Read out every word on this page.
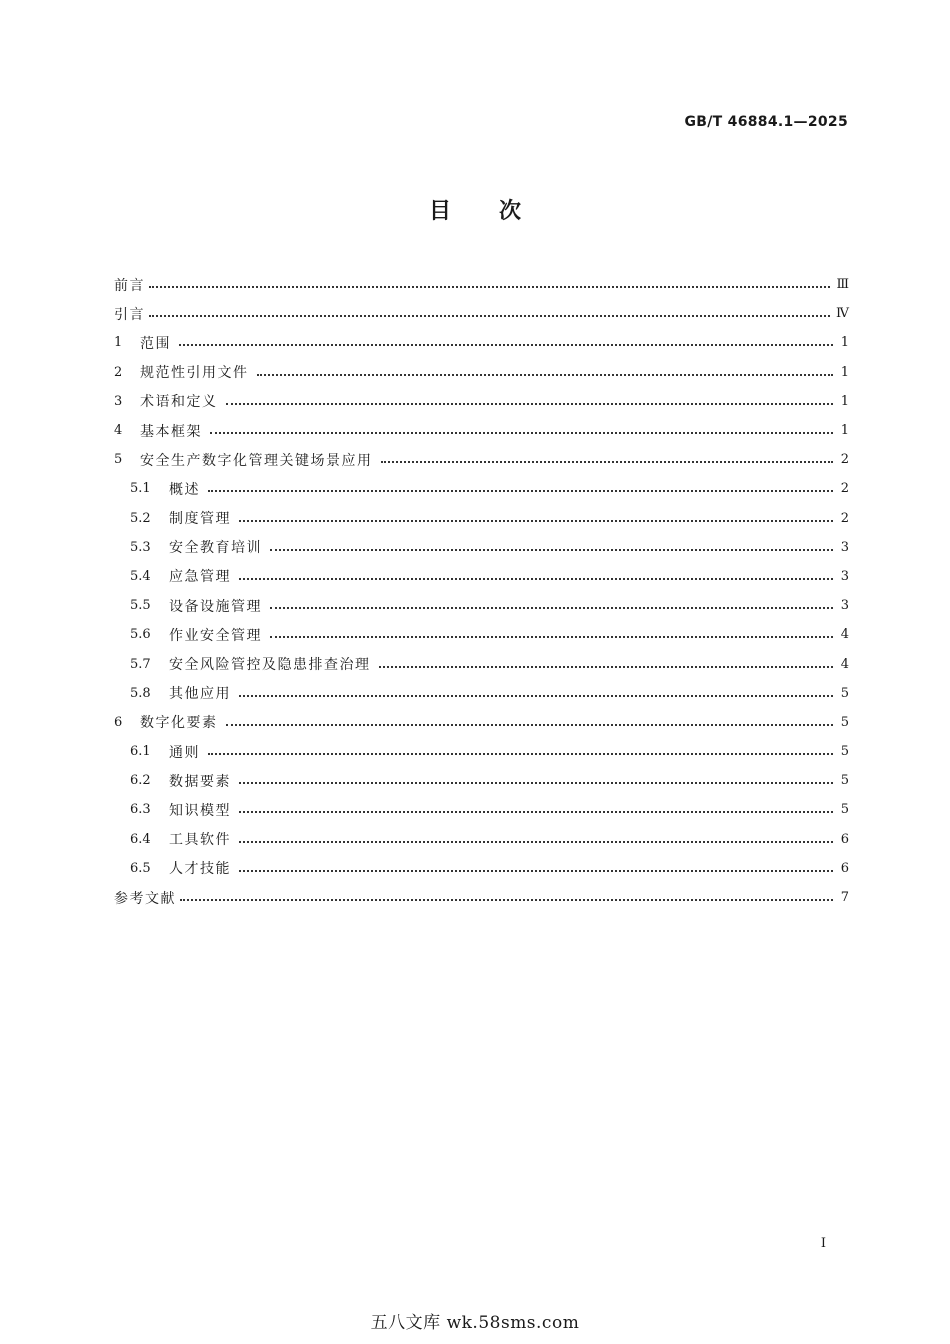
GB/T 46884.1—2025
目次
前言	Ⅲ
引言	Ⅳ
1	范围	1
2	规范性引用文件	1
3	术语和定义	1
4	基本框架	1
5	安全生产数字化管理关键场景应用	2
5.1	概述	2
5.2	制度管理	2
5.3	安全教育培训	3
5.4	应急管理	3
5.5	设备设施管理	3
5.6	作业安全管理	4
5.7	安全风险管控及隐患排查治理	4
5.8	其他应用	5
6	数字化要素	5
6.1	通则	5
6.2	数据要素	5
6.3	知识模型	5
6.4	工具软件	6
6.5	人才技能	6
参考文献	7
I
五八文库 wk.58sms.com
